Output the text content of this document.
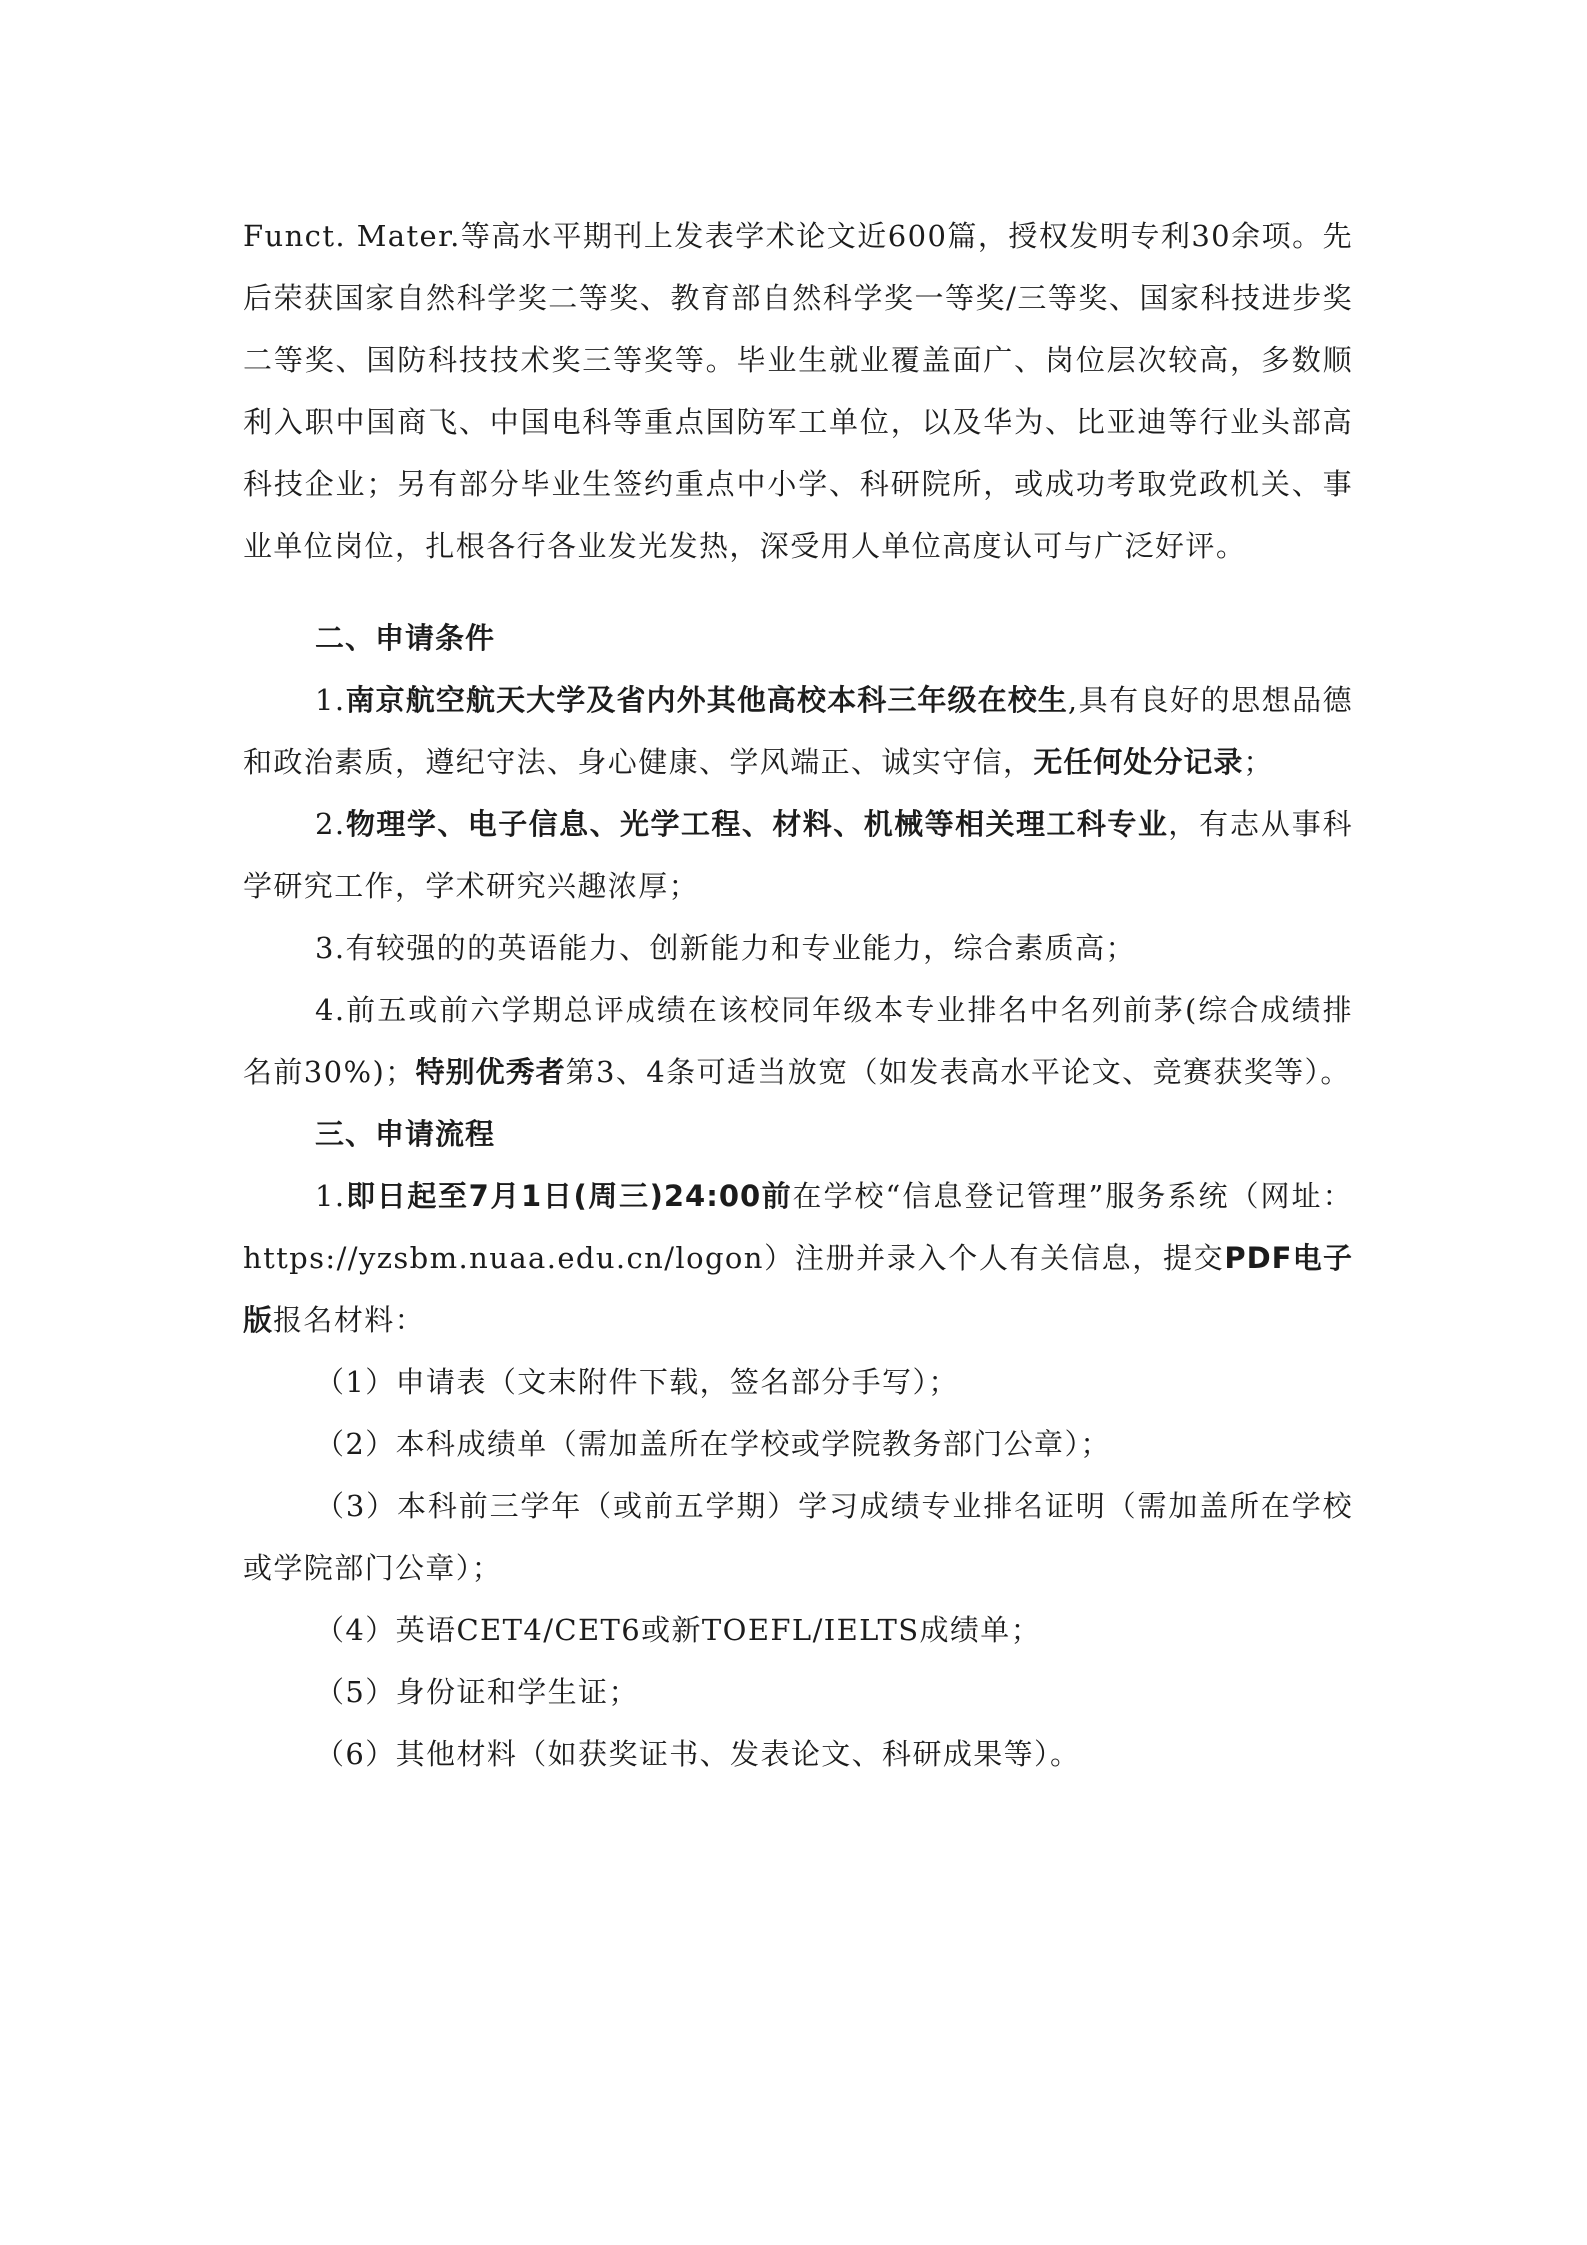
Funct. Mater.等高水平期刊上发表学术论文近600篇，授权发明专利30余项。先后荣获国家自然科学奖二等奖、教育部自然科学奖一等奖/三等奖、国家科技进步奖二等奖、国防科技技术奖三等奖等。毕业生就业覆盖面广、岗位层次较高，多数顺利入职中国商飞、中国电科等重点国防军工单位，以及华为、比亚迪等行业头部高科技企业；另有部分毕业生签约重点中小学、科研院所，或成功考取党政机关、事业单位岗位，扎根各行各业发光发热，深受用人单位高度认可与广泛好评。

二、申请条件

1.南京航空航天大学及省内外其他高校本科三年级在校生,具有良好的思想品德和政治素质，遵纪守法、身心健康、学风端正、诚实守信，无任何处分记录；

2.物理学、电子信息、光学工程、材料、机械等相关理工科专业，有志从事科学研究工作，学术研究兴趣浓厚；

3.有较强的的英语能力、创新能力和专业能力，综合素质高；

4.前五或前六学期总评成绩在该校同年级本专业排名中名列前茅(综合成绩排名前30%)；特别优秀者第3、4条可适当放宽（如发表高水平论文、竞赛获奖等）。

三、申请流程

1.即日起至7月1日(周三)24:00前在学校“信息登记管理”服务系统（网址：https://yzsbm.nuaa.edu.cn/logon）注册并录入个人有关信息，提交PDF电子版报名材料：

（1）申请表（文末附件下载，签名部分手写）；

（2）本科成绩单（需加盖所在学校或学院教务部门公章）；

（3）本科前三学年（或前五学期）学习成绩专业排名证明（需加盖所在学校或学院部门公章）；

（4）英语CET4/CET6或新TOEFL/IELTS成绩单；

（5）身份证和学生证；

（6）其他材料（如获奖证书、发表论文、科研成果等）。
